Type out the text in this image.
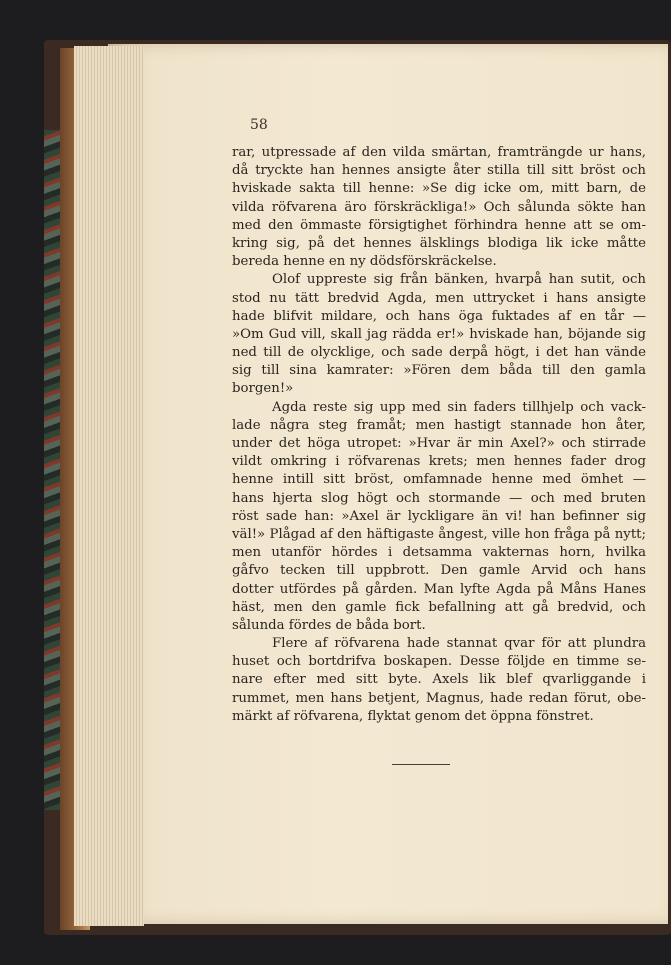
58
rar, utpressade af den vilda smärtan, framträngde ur hans,
då tryckte han hennes ansigte åter stilla till sitt bröst och
hviskade sakta till henne: »Se dig icke om, mitt barn, de
vilda röfvarena äro förskräckliga!» Och sålunda sökte han
med den ömmaste försigtighet förhindra henne att se om-
kring sig, på det hennes älsklings blodiga lik icke måtte
bereda henne en ny dödsförskräckelse.
Olof uppreste sig från bänken, hvarpå han sutit, och
stod nu tätt bredvid Agda, men uttrycket i hans ansigte
hade blifvit mildare, och hans öga fuktades af en tår —
»Om Gud vill, skall jag rädda er!» hviskade han, böjande sig
ned till de olycklige, och sade derpå högt, i det han vände
sig till sina kamrater: »Fören dem båda till den gamla
borgen!»
Agda reste sig upp med sin faders tillhjelp och vack-
lade några steg framåt; men hastigt stannade hon åter,
under det höga utropet: »Hvar är min Axel?» och stirrade
vildt omkring i röfvarenas krets; men hennes fader drog
henne intill sitt bröst, omfamnade henne med ömhet —
hans hjerta slog högt och stormande — och med bruten
röst sade han: »Axel är lyckligare än vi! han befinner sig
väl!» Plågad af den häftigaste ångest, ville hon fråga på nytt;
men utanför hördes i detsamma vakternas horn, hvilka
gåfvo tecken till uppbrott. Den gamle Arvid och hans
dotter utfördes på gården. Man lyfte Agda på Måns Hanes
häst, men den gamle fick befallning att gå bredvid, och
sålunda fördes de båda bort.
Flere af röfvarena hade stannat qvar för att plundra
huset och bortdrifva boskapen. Desse följde en timme se-
nare efter med sitt byte. Axels lik blef qvarliggande i
rummet, men hans betjent, Magnus, hade redan förut, obe-
märkt af röfvarena, flyktat genom det öppna fönstret.
